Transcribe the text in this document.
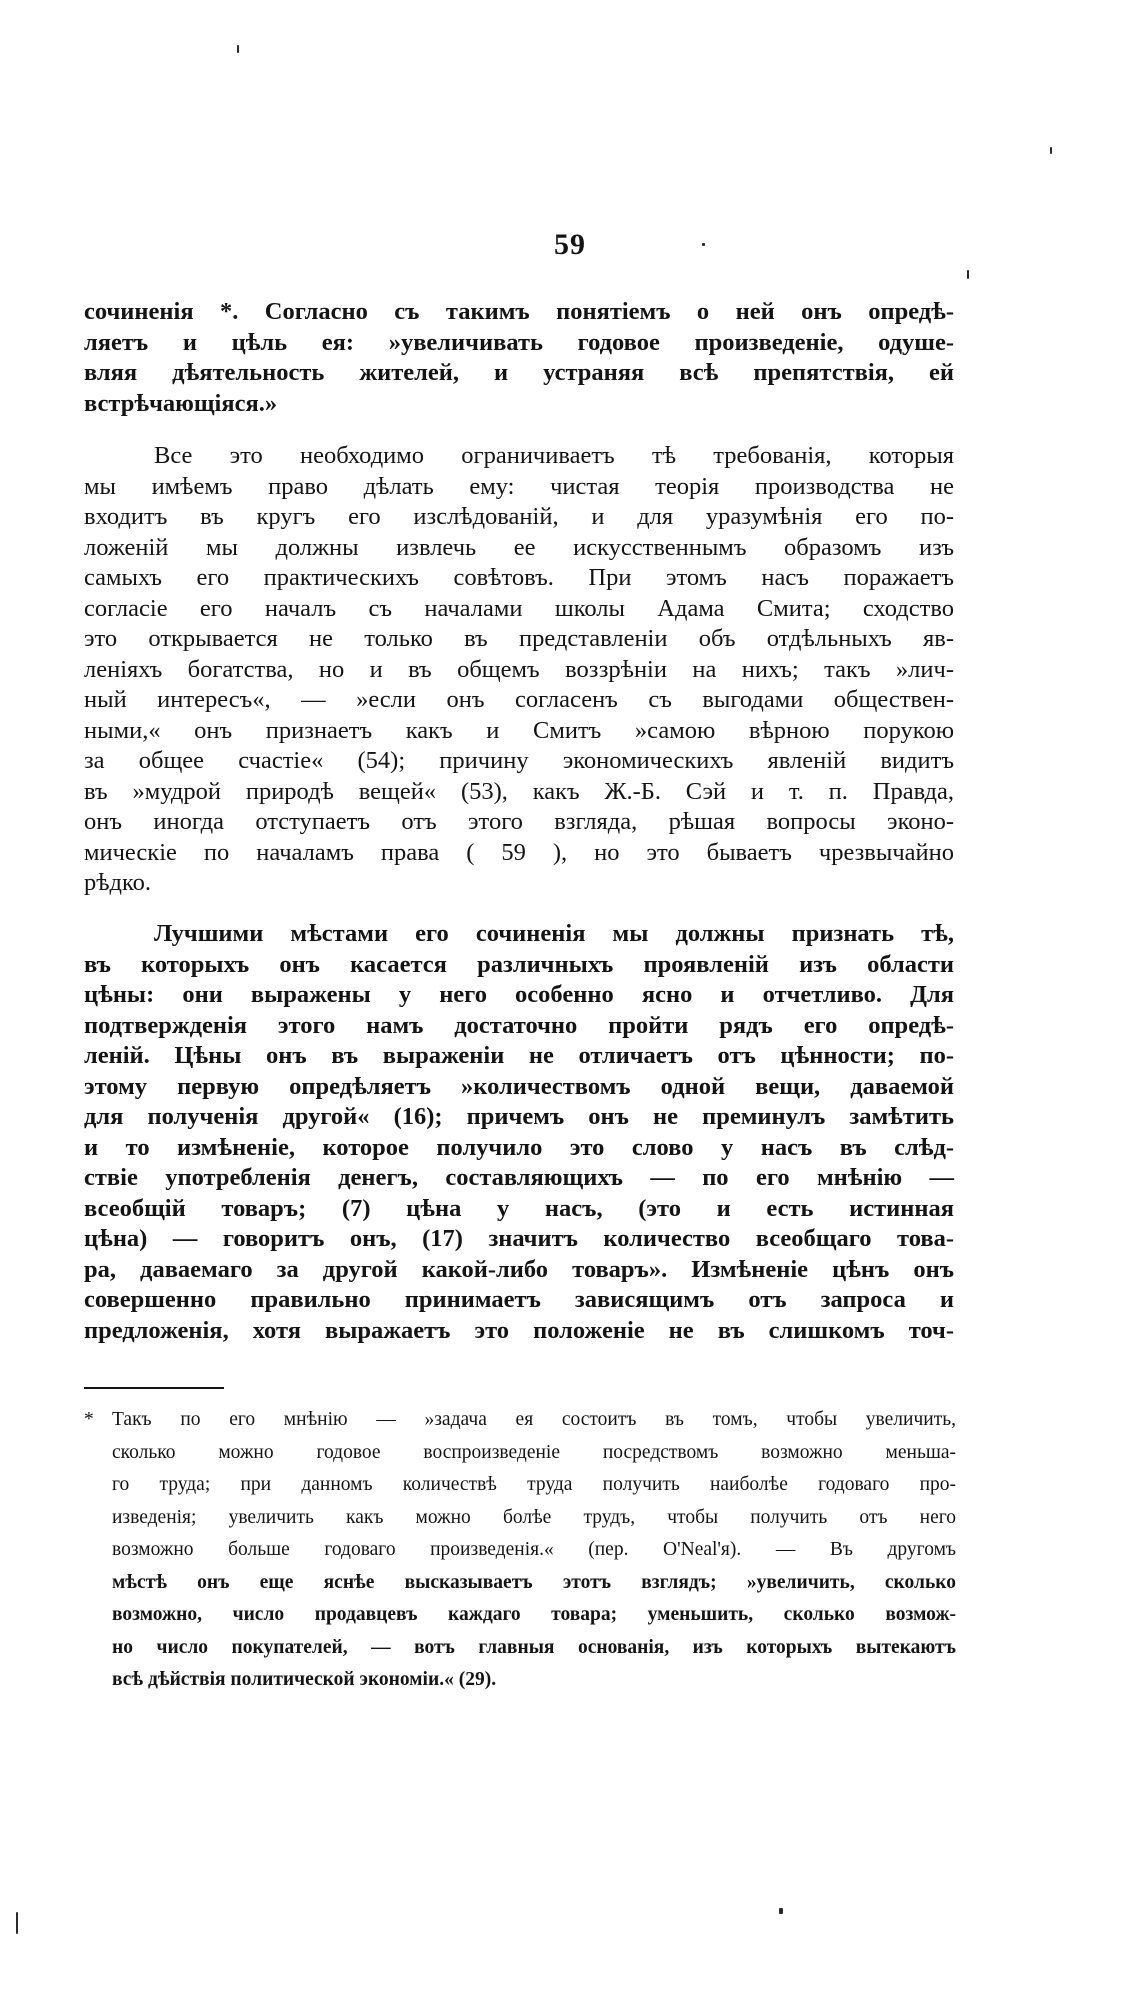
59
сочиненія *. Согласно съ такимъ понятіемъ о ней онъ опредѣ-
ляетъ и цѣль ея: »увеличивать годовое произведеніе, одушe-
вляя дѣятельность жителей, и устраняя всѣ препятствія, ей
встрѣчающіяся.»
Все это необходимо ограничиваетъ тѣ требованія, которыя
мы имѣемъ право дѣлать ему: чистая теорія производства не
входитъ въ кругъ его изслѣдованій, и для уразумѣнія его по-
ложеній мы должны извлечь ее искусственнымъ образомъ изъ
самыхъ его практическихъ совѣтовъ. При этомъ насъ поражаетъ
согласіе его началъ съ началами школы Адама Смита; сходство
это открывается не только въ представленіи объ отдѣльныхъ яв-
леніяхъ богатства, но и въ общемъ воззрѣніи на нихъ; такъ »лич-
ный интересъ«, — »если онъ согласенъ съ выгодами обществен-
ными,« онъ признаетъ какъ и Смитъ »самою вѣрною порукою
за общее счастіе« (54); причину экономическихъ явленій видитъ
въ »мудрой природѣ вещей« (53), какъ Ж.-Б. Сэй и т. п. Правда,
онъ иногда отступаетъ отъ этого взгляда, рѣшая вопросы эконо-
мическіе по началамъ права ( 59 ), но это бываетъ чрезвычайно
рѣдко.
Лучшими мѣстами его сочиненія мы должны признать тѣ,
въ которыхъ онъ касается различныхъ проявленій изъ области
цѣны: они выражены у него особенно ясно и отчетливо. Для
подтвержденія этого намъ достаточно пройти рядъ его опредѣ-
леній. Цѣны онъ въ выраженіи не отличаетъ отъ цѣнности; по-
этому первую опредѣляетъ »количествомъ одной вещи, даваемой
для полученія другой« (16); причемъ онъ не преминулъ замѣтить
и то измѣненіе, которое получило это слово у насъ въ слѣд-
ствіе употребленія денегъ, составляющихъ — по его мнѣнію —
всеобщій товаръ; (7) цѣна у насъ, (это и есть истинная
цѣна) — говоритъ онъ, (17) значитъ количество всеобщаго това-
ра, даваемаго за другой какой-либо товаръ». Измѣненіе цѣнъ онъ
совершенно правильно принимаетъ зависящимъ отъ запроса и
предложенія, хотя выражаетъ это положеніе не въ слишкомъ точ-
* Такъ по его мнѣнію — »задача ея состоитъ въ томъ, чтобы увеличить,
сколько можно годовое воспроизведеніе посредствомъ возможно меньша-
го труда; при данномъ количествѣ труда получить наиболѣе годоваго про-
изведенія; увеличить какъ можно болѣе трудъ, чтобы получить отъ него
возможно больше годоваго произведенія.« (пер. O'Neal'я). — Въ другомъ
мѣстѣ онъ еще яснѣе высказываетъ этотъ взглядъ; »увеличить, сколько
возможно, число продавцевъ каждаго товара; уменьшить, сколько возмож-
но число покупателей, — вотъ главныя основанія, изъ которыхъ вытекаютъ
всѣ дѣйствія политической экономіи.« (29).
